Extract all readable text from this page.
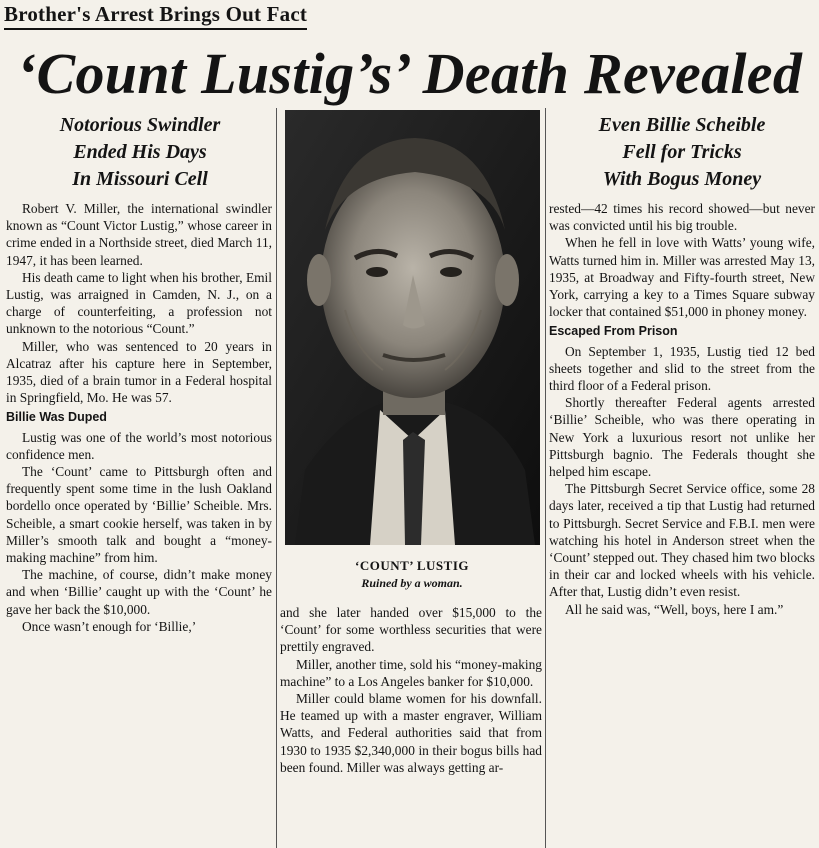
Brother's Arrest Brings Out Fact
‘Count Lustig’s’ Death Revealed
Notorious Swindler
Ended His Days
In Missouri Cell
Even Billie Scheible
Fell for Tricks
With Bogus Money
‘COUNT’ LUSTIG
Ruined by a woman.

Robert V. Miller, the international swindler known as “Count Victor Lustig,” whose career in crime ended in a Northside street, died March 11, 1947, it has been learned.

His death came to light when his brother, Emil Lustig, was arraigned in Camden, N. J., on a charge of counterfeiting, a profession not unknown to the notorious “Count.”

Miller, who was sentenced to 20 years in Alcatraz after his capture here in September, 1935, died of a brain tumor in a Federal hospital in Springfield, Mo. He was 57.

Billie Was Duped

Lustig was one of the world’s most notorious confidence men.

The ‘Count’ came to Pittsburgh often and frequently spent some time in the lush Oakland bordello once operated by ‘Billie’ Scheible. Mrs. Scheible, a smart cookie herself, was taken in by Miller’s smooth talk and bought a “money-making machine” from him.

The machine, of course, didn’t make money and when ‘Billie’ caught up with the ‘Count’ he gave her back the $10,000.

Once wasn’t enough for ‘Billie,’

and she later handed over $15,000 to the ‘Count’ for some worthless securities that were prettily engraved.

Miller, another time, sold his “money-making machine” to a Los Angeles banker for $10,000.

Miller could blame women for his downfall. He teamed up with a master engraver, William Watts, and Federal authorities said that from 1930 to 1935 $2,340,000 in their bogus bills had been found. Miller was always getting ar-

rested—42 times his record showed—but never was convicted until his big trouble.

When he fell in love with Watts’ young wife, Watts turned him in. Miller was arrested May 13, 1935, at Broadway and Fifty-fourth street, New York, carrying a key to a Times Square subway locker that contained $51,000 in phoney money.

Escaped From Prison

On September 1, 1935, Lustig tied 12 bed sheets together and slid to the street from the third floor of a Federal prison.

Shortly thereafter Federal agents arrested ‘Billie’ Scheible, who was there operating in New York a luxurious resort not unlike her Pittsburgh bagnio. The Federals thought she helped him escape.

The Pittsburgh Secret Service office, some 28 days later, received a tip that Lustig had returned to Pittsburgh. Secret Service and F.B.I. men were watching his hotel in Anderson street when the ‘Count’ stepped out. They chased him two blocks in their car and locked wheels with his vehicle. After that, Lustig didn’t even resist.

All he said was, “Well, boys, here I am.”
